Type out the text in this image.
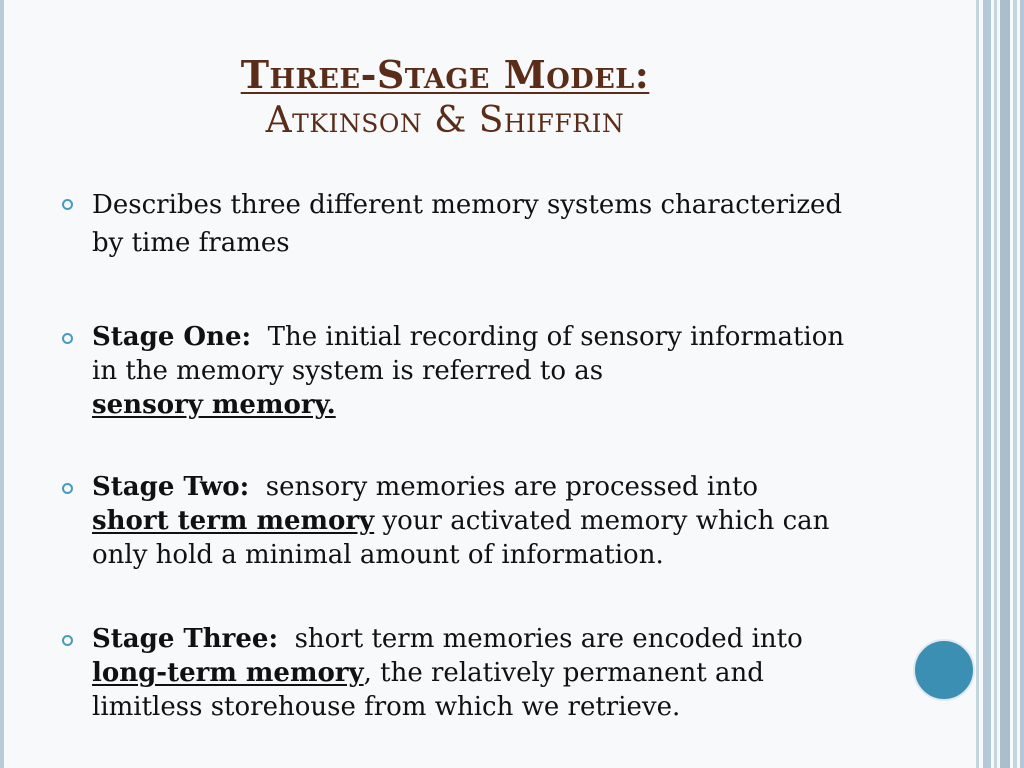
Three-Stage Model:
Atkinson & Shiffrin
Describes three different memory systems characterized by time frames
Stage One: The initial recording of sensory information in the memory system is referred to as
sensory memory.
Stage Two: sensory memories are processed into
short term memory your activated memory which can only hold a minimal amount of information.
Stage Three: short term memories are encoded into
long-term memory, the relatively permanent and limitless storehouse from which we retrieve.
